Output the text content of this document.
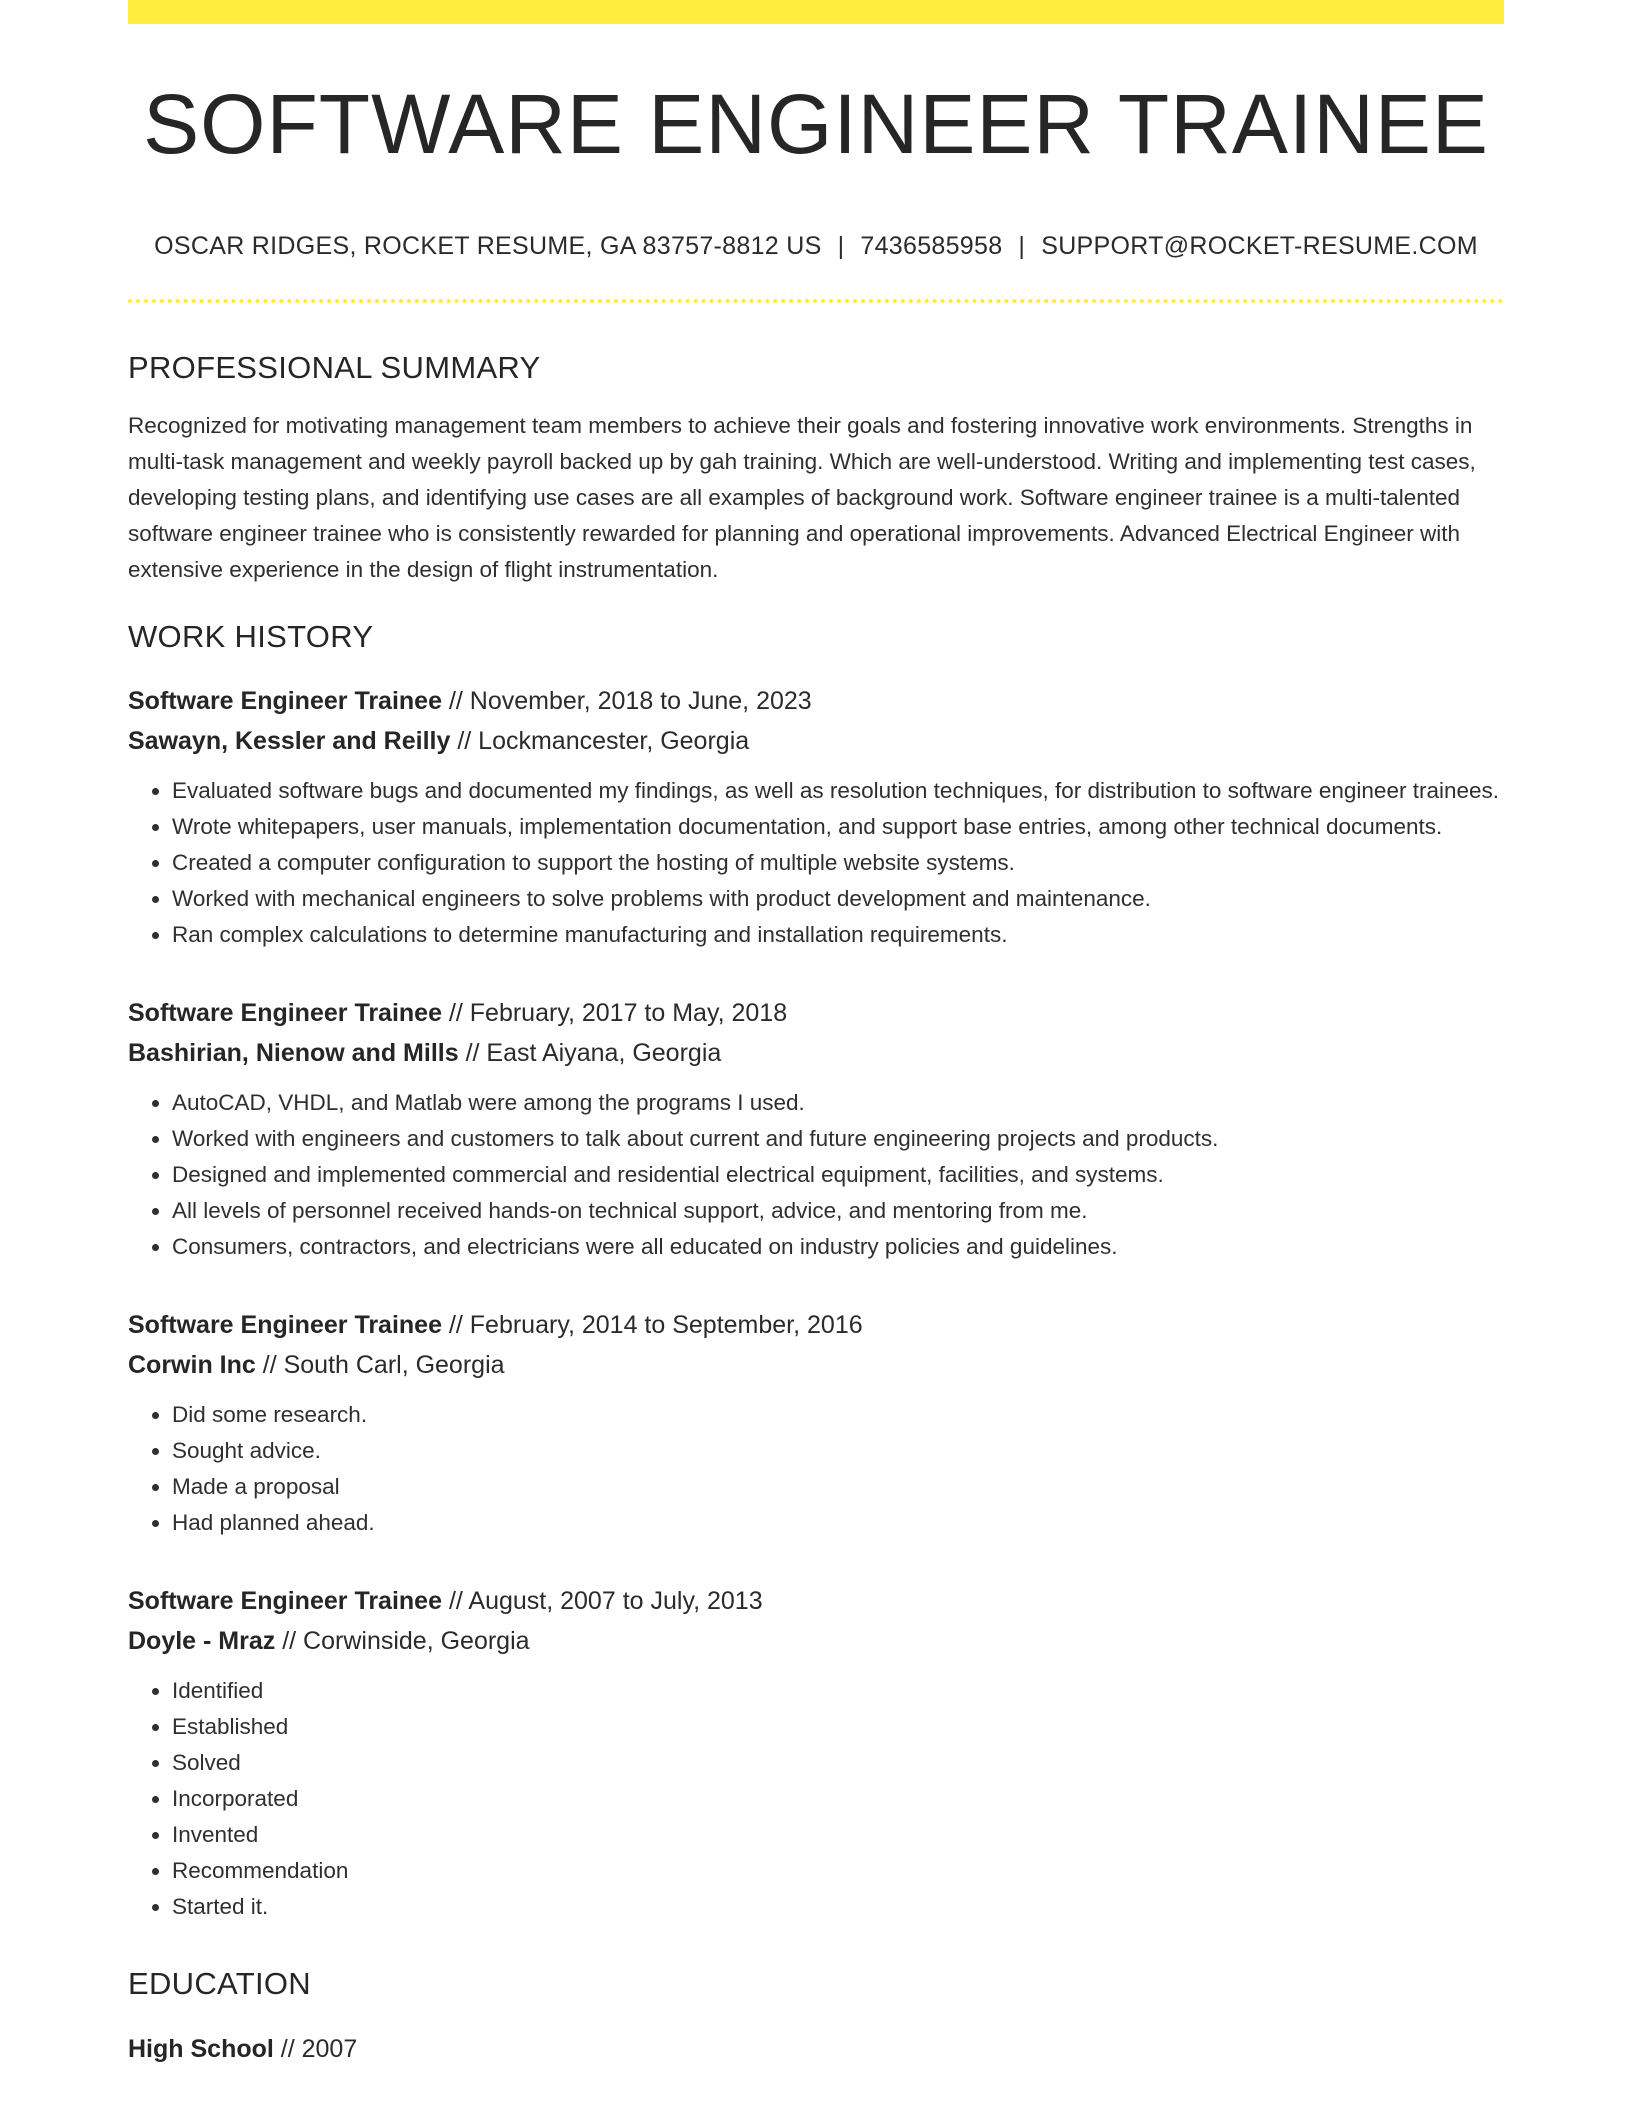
SOFTWARE ENGINEER TRAINEE
OSCAR RIDGES, ROCKET RESUME, GA 83757-8812 US | 7436585958 | SUPPORT@ROCKET-RESUME.COM
PROFESSIONAL SUMMARY

Recognized for motivating management team members to achieve their goals and fostering innovative work environments. Strengths in multi-task management and weekly payroll backed up by gah training. Which are well-understood. Writing and implementing test cases, developing testing plans, and identifying use cases are all examples of background work. Software engineer trainee is a multi-talented software engineer trainee who is consistently rewarded for planning and operational improvements. Advanced Electrical Engineer with extensive experience in the design of flight instrumentation.

WORK HISTORY
Software Engineer Trainee // November, 2018 to June, 2023
Sawayn, Kessler and Reilly // Lockmancester, Georgia
• Evaluated software bugs and documented my findings, as well as resolution techniques, for distribution to software engineer trainees.
• Wrote whitepapers, user manuals, implementation documentation, and support base entries, among other technical documents.
• Created a computer configuration to support the hosting of multiple website systems.
• Worked with mechanical engineers to solve problems with product development and maintenance.
• Ran complex calculations to determine manufacturing and installation requirements.
Software Engineer Trainee // February, 2017 to May, 2018
Bashirian, Nienow and Mills // East Aiyana, Georgia
• AutoCAD, VHDL, and Matlab were among the programs I used.
• Worked with engineers and customers to talk about current and future engineering projects and products.
• Designed and implemented commercial and residential electrical equipment, facilities, and systems.
• All levels of personnel received hands-on technical support, advice, and mentoring from me.
• Consumers, contractors, and electricians were all educated on industry policies and guidelines.
Software Engineer Trainee // February, 2014 to September, 2016
Corwin Inc // South Carl, Georgia
• Did some research.
• Sought advice.
• Made a proposal
• Had planned ahead.
Software Engineer Trainee // August, 2007 to July, 2013
Doyle - Mraz // Corwinside, Georgia
• Identified
• Established
• Solved
• Incorporated
• Invented
• Recommendation
• Started it.
EDUCATION
High School // 2007
